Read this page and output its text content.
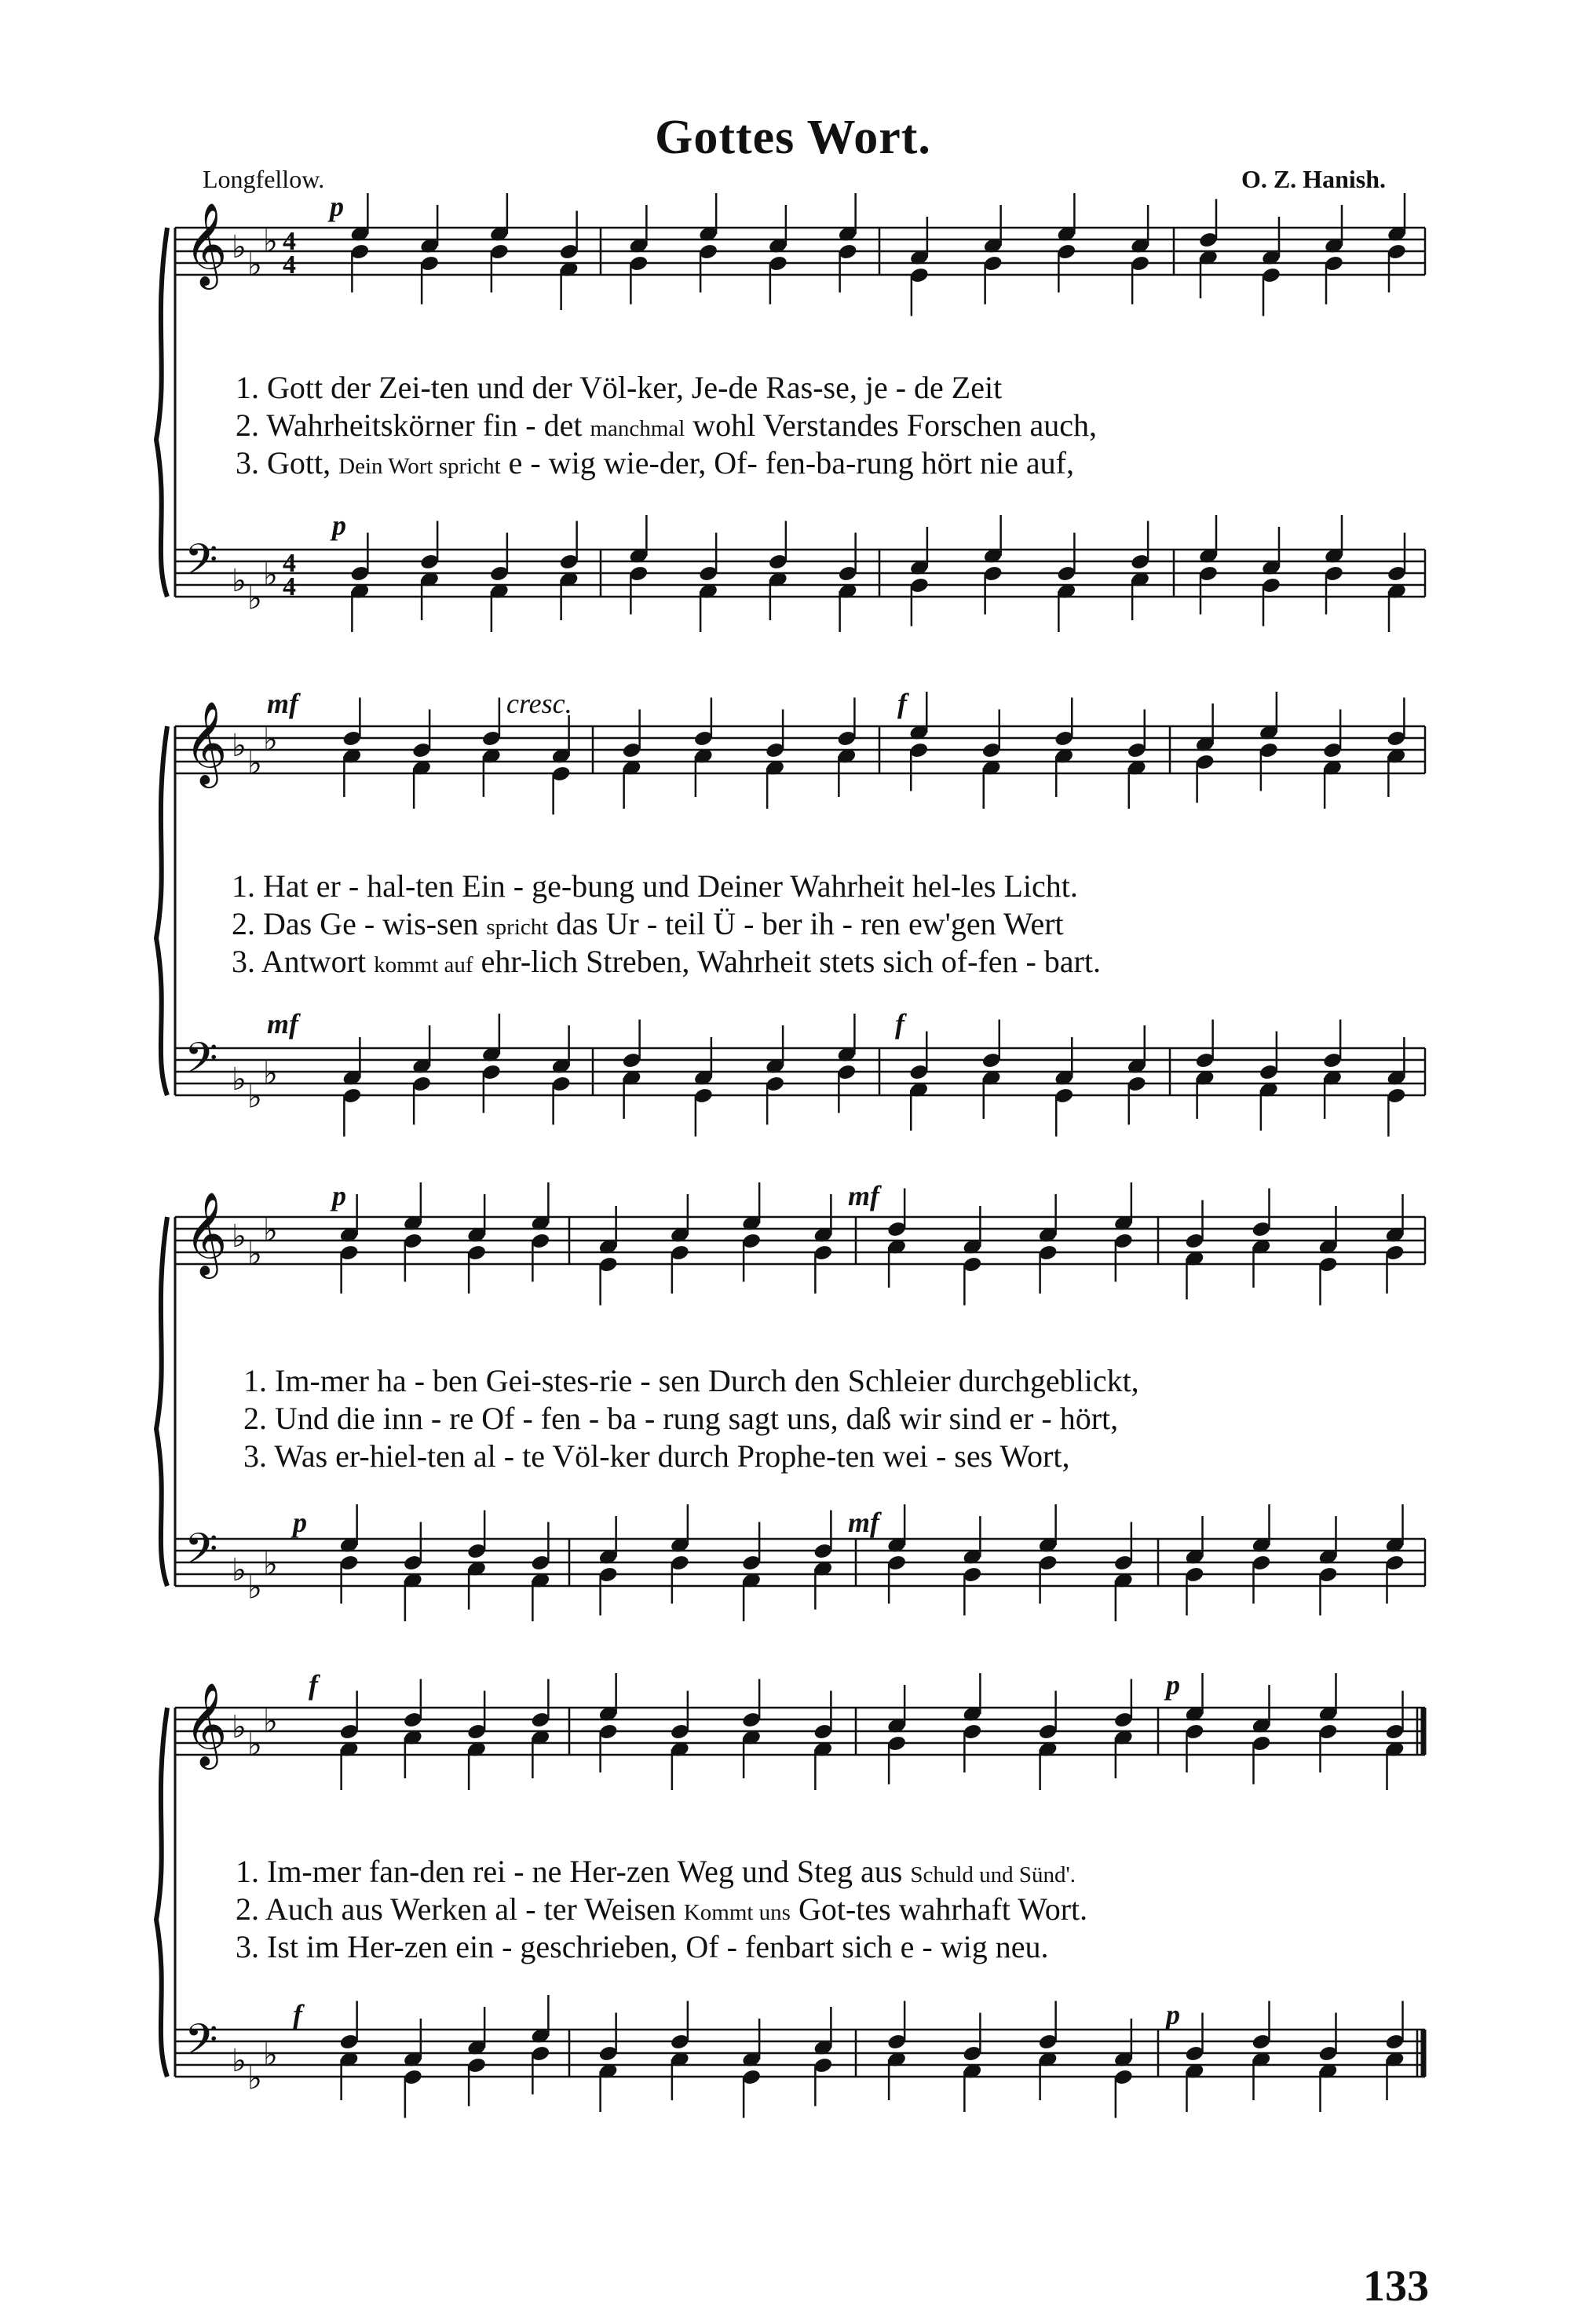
Gottes Wort.
Longfellow.	O. Z. Hanish.
𝄞 ♭ ♭
♭ 4
4
𝄢 ♭ ♭
♭ 4
4
1. Gott der Zei-ten und der Völ-ker, Je-de Ras-se, je - de Zeit
2. Wahrheitskörner fin - det manchmal wohl Verstandes Forschen auch,
3. Gott, Dein Wort spricht e - wig wie-der, Of- fen-ba-rung hört nie auf,
p
p
𝄞 ♭ ♭
♭
𝄢 ♭ ♭
♭
1. Hat er - hal-ten Ein - ge-bung und Deiner Wahrheit hel-les Licht.
2. Das Ge - wis-sen spricht das Ur - teil Ü - ber ih - ren ew'gen Wert
3. Antwort kommt auf ehr-lich Streben, Wahrheit stets sich of-fen - bart.
mf	cresc.	f
mf	f
𝄞 ♭ ♭
♭
𝄢 ♭ ♭
♭
1. Im-mer ha - ben Gei-stes-rie - sen Durch den Schleier durchgeblickt,
2. Und die inn - re Of - fen - ba - rung sagt uns, daß wir sind er - hört,
3. Was er-hiel-ten al - te Völ-ker durch Prophe-ten wei - ses Wort,
p	mf
p	mf
𝄞 ♭ ♭
♭
𝄢 ♭ ♭
♭
1. Im-mer fan-den rei - ne Her-zen Weg und Steg aus Schuld und Sünd'.
2. Auch aus Werken al - ter Weisen Kommt uns Got-tes wahrhaft Wort.
3. Ist im Her-zen ein - geschrieben, Of - fenbart sich e - wig neu.
f	p
f	p
133
